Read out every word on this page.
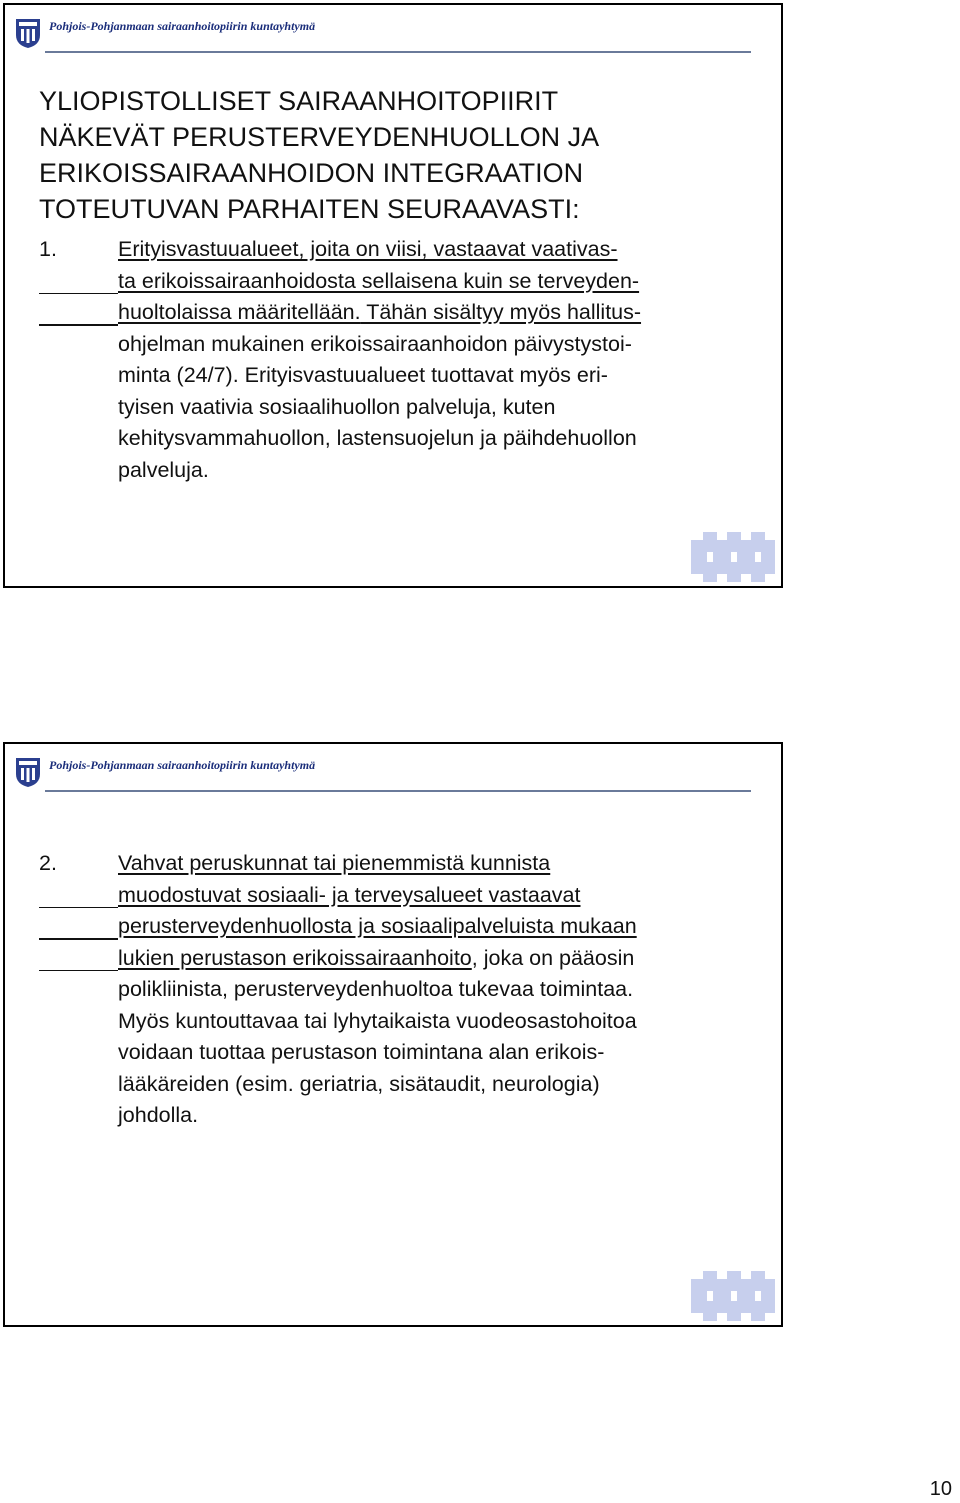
Pohjois-Pohjanmaan sairaanhoitopiirin kuntayhtymä
YLIOPISTOLLISET SAIRAANHOITOPIIRIT
NÄKEVÄT PERUSTERVEYDENHUOLLON JA
ERIKOISSAIRAANHOIDON INTEGRAATION
TOTEUTUVAN PARHAITEN SEURAAVASTI:
1.	Erityisvastuualueet, joita on viisi, vastaavat vaativas-
ta erikoissairaanhoidosta sellaisena kuin se terveyden-
huoltolaissa määritellään. Tähän sisältyy myös hallitus-
ohjelman mukainen erikoissairaanhoidon päivystystoi-
minta (24/7). Erityisvastuualueet tuottavat myös eri-
tyisen vaativia sosiaalihuollon palveluja, kuten
kehitysvammahuollon, lastensuojelun ja päihdehuollon
palveluja.
Pohjois-Pohjanmaan sairaanhoitopiirin kuntayhtymä
2.	Vahvat peruskunnat tai pienemmistä kunnista
muodostuvat sosiaali- ja terveysalueet vastaavat
perusterveydenhuollosta ja sosiaalipalveluista mukaan
lukien perustason erikoissairaanhoito, joka on pääosin
polikliinista, perusterveydenhuoltoa tukevaa toimintaa.
Myös kuntouttavaa tai lyhytaikaista vuodeosastohoitoa
voidaan tuottaa perustason toimintana alan erikois-
lääkäreiden (esim. geriatria, sisätaudit, neurologia)
johdolla.
10
